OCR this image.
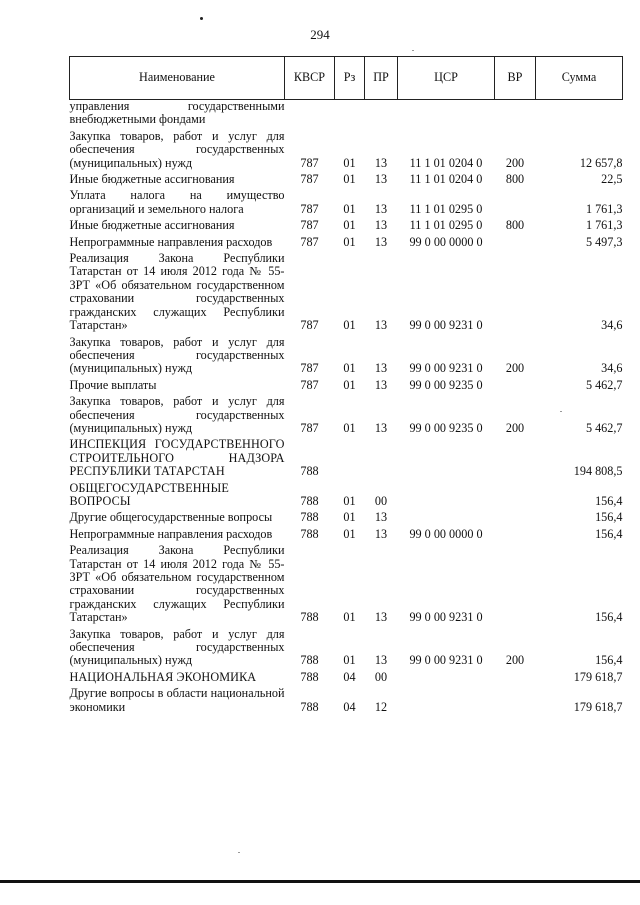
294
Наименование	КВСР	Рз	ПР	ЦСР	ВР	Сумма
управления государственными внебюджетными фондами						
Закупка товаров, работ и услуг для обеспечения государственных (муниципальных) нужд	787	01	13	11 1 01 0204 0	200	12 657,8
Иные бюджетные ассигнования	787	01	13	11 1 01 0204 0	800	22,5
Уплата налога на имущество организаций и земельного налога	787	01	13	11 1 01 0295 0		1 761,3
Иные бюджетные ассигнования	787	01	13	11 1 01 0295 0	800	1 761,3
Непрограммные направления расходов	787	01	13	99 0 00 0000 0		5 497,3
Реализация Закона Республики Татарстан от 14 июля 2012 года № 55-ЗРТ «Об обязательном государственном страховании государственных гражданских служащих Республики Татарстан»	787	01	13	99 0 00 9231 0		34,6
Закупка товаров, работ и услуг для обеспечения государственных (муниципальных) нужд	787	01	13	99 0 00 9231 0	200	34,6
Прочие выплаты	787	01	13	99 0 00 9235 0		5 462,7
Закупка товаров, работ и услуг для обеспечения государственных (муниципальных) нужд	787	01	13	99 0 00 9235 0	200	5 462,7
ИНСПЕКЦИЯ ГОСУДАРСТВЕННОГО СТРОИТЕЛЬНОГО НАДЗОРА РЕСПУБЛИКИ ТАТАРСТАН	788					194 808,5
ОБЩЕГОСУДАРСТВЕННЫЕ ВОПРОСЫ	788	01	00			156,4
Другие общегосударственные вопросы	788	01	13			156,4
Непрограммные направления расходов	788	01	13	99 0 00 0000 0		156,4
Реализация Закона Республики Татарстан от 14 июля 2012 года № 55-ЗРТ «Об обязательном государственном страховании государственных гражданских служащих Республики Татарстан»	788	01	13	99 0 00 9231 0		156,4
Закупка товаров, работ и услуг для обеспечения государственных (муниципальных) нужд	788	01	13	99 0 00 9231 0	200	156,4
НАЦИОНАЛЬНАЯ ЭКОНОМИКА	788	04	00			179 618,7
Другие вопросы в области национальной экономики	788	04	12			179 618,7
